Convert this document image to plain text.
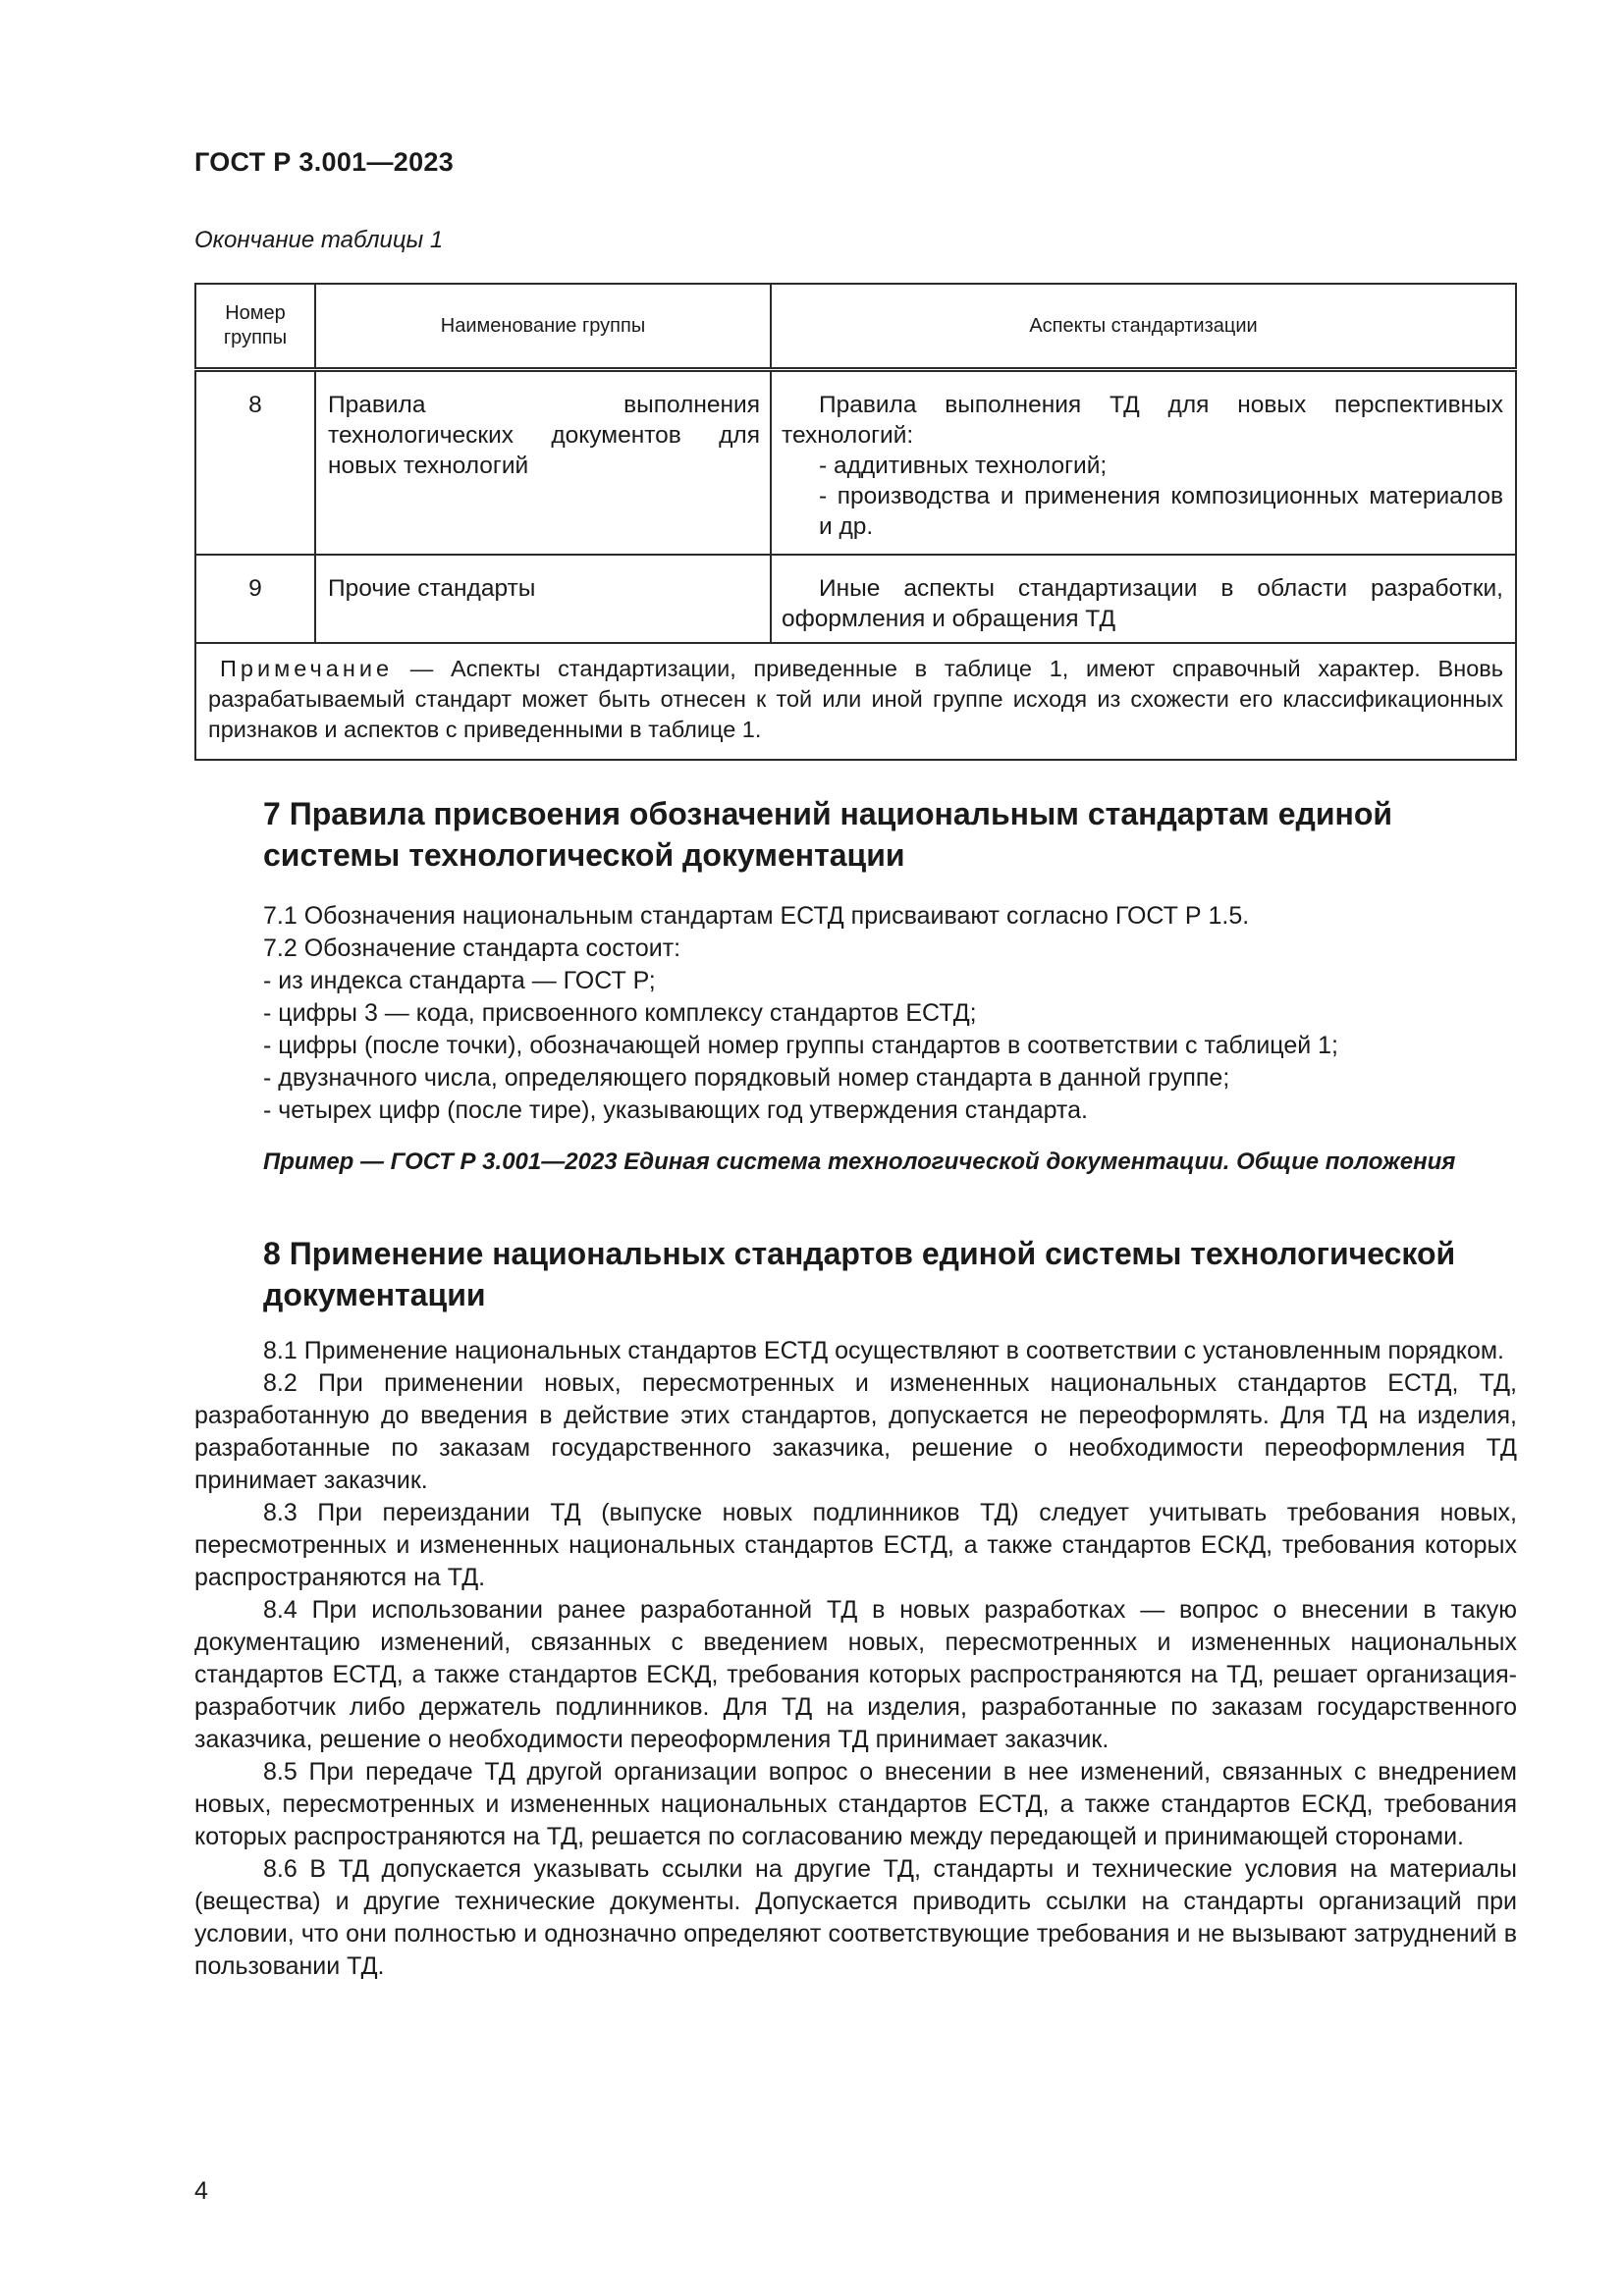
ГОСТ Р 3.001—2023
Окончание таблицы 1
Номер группы	Наименование группы	Аспекты стандартизации
8	Правила выполнения технологических документов для новых технологий	Правила выполнения ТД для новых перспективных технологий:
- аддитивных технологий;
- производства и применения композиционных материалов и др.

9	Прочие стандарты	Иные аспекты стандартизации в области разработки, оформления и обращения ТД

Примечание — Аспекты стандартизации, приведенные в таблице 1, имеют справочный характер. Вновь разрабатываемый стандарт может быть отнесен к той или иной группе исходя из схожести его классификационных признаков и аспектов с приведенными в таблице 1.		
7 Правила присвоения обозначений национальным стандартам единой системы технологической документации

7.1 Обозначения национальным стандартам ЕСТД присваивают согласно ГОСТ Р 1.5.

7.2 Обозначение стандарта состоит:

- из индекса стандарта — ГОСТ Р;

- цифры 3 — кода, присвоенного комплексу стандартов ЕСТД;

- цифры (после точки), обозначающей номер группы стандартов в соответствии с таблицей 1;

- двузначного числа, определяющего порядковый номер стандарта в данной группе;

- четырех цифр (после тире), указывающих год утверждения стандарта.

Пример — ГОСТ Р 3.001—2023 Единая система технологической документации. Общие положения
8 Применение национальных стандартов единой системы технологической документации

8.1 Применение национальных стандартов ЕСТД осуществляют в соответствии с установленным порядком.

8.2 При применении новых, пересмотренных и измененных национальных стандартов ЕСТД, ТД, разработанную до введения в действие этих стандартов, допускается не переоформлять. Для ТД на изделия, разработанные по заказам государственного заказчика, решение о необходимости переоформления ТД принимает заказчик.

8.3 При переиздании ТД (выпуске новых подлинников ТД) следует учитывать требования новых, пересмотренных и измененных национальных стандартов ЕСТД, а также стандартов ЕСКД, требования которых распространяются на ТД.

8.4 При использовании ранее разработанной ТД в новых разработках — вопрос о внесении в такую документацию изменений, связанных с введением новых, пересмотренных и измененных национальных стандартов ЕСТД, а также стандартов ЕСКД, требования которых распространяются на ТД, решает организация-разработчик либо держатель подлинников. Для ТД на изделия, разработанные по заказам государственного заказчика, решение о необходимости переоформления ТД принимает заказчик.

8.5 При передаче ТД другой организации вопрос о внесении в нее изменений, связанных с внедрением новых, пересмотренных и измененных национальных стандартов ЕСТД, а также стандартов ЕСКД, требования которых распространяются на ТД, решается по согласованию между передающей и принимающей сторонами.

8.6 В ТД допускается указывать ссылки на другие ТД, стандарты и технические условия на материалы (вещества) и другие технические документы. Допускается приводить ссылки на стандарты организаций при условии, что они полностью и однозначно определяют соответствующие требования и не вызывают затруднений в пользовании ТД.

4
